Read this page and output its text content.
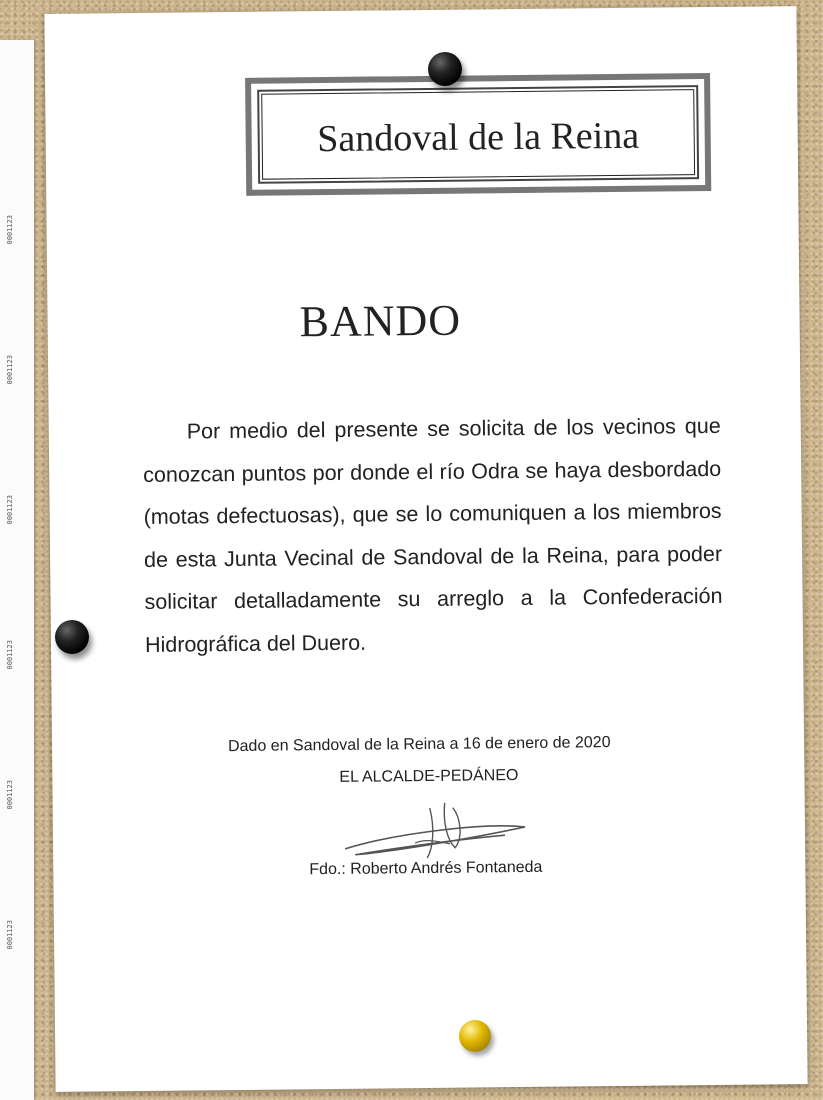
0001123
0001123
0001123
0001123
0001123
0001123
Sandoval de la Reina
BANDO
Por medio del presente se solicita de los vecinos que conozcan puntos por donde el río Odra se haya desbordado (motas defectuosas), que se lo comuniquen a los miembros de esta Junta Vecinal de Sandoval de la Reina, para poder solicitar detalladamente su arreglo a la Confederación Hidrográfica del Duero.
Dado en Sandoval de la Reina a 16 de enero de 2020
EL ALCALDE-PEDÁNEO
Fdo.: Roberto Andrés Fontaneda
